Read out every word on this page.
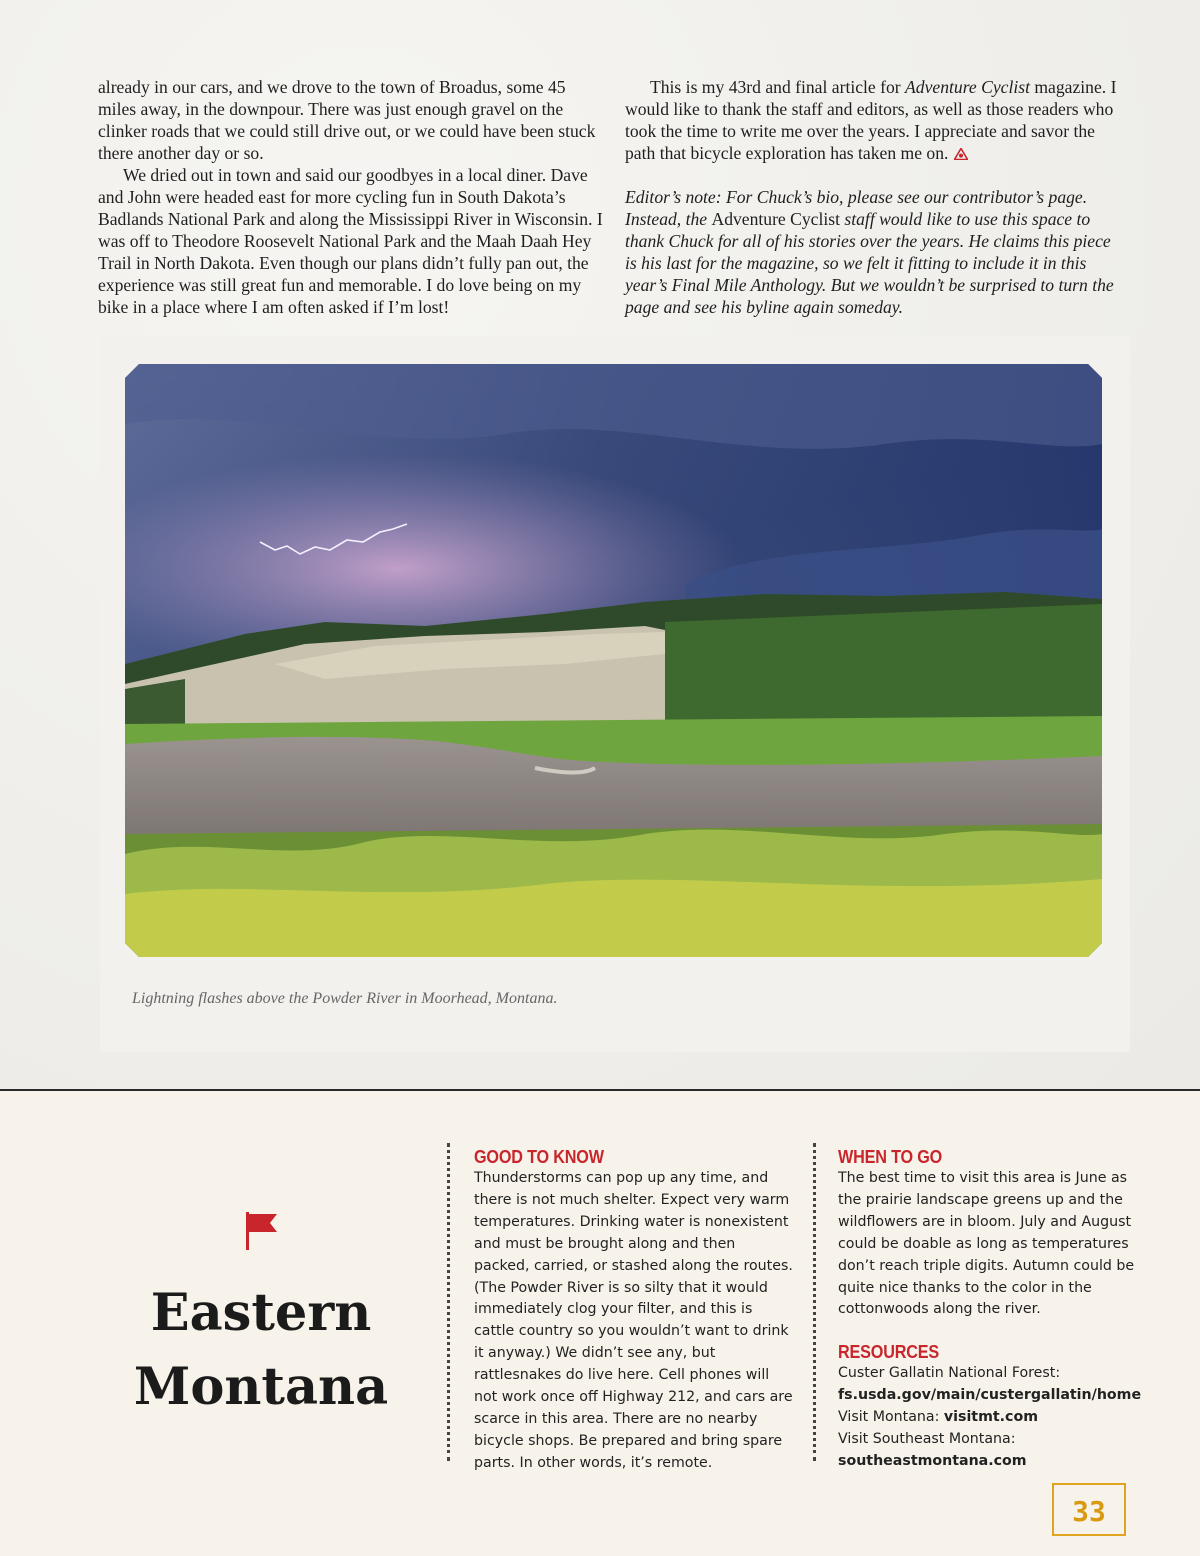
already in our cars, and we drove to the town of Broadus, some 45 miles away, in the downpour. There was just enough gravel on the clinker roads that we could still drive out, or we could have been stuck there another day or so.

We dried out in town and said our goodbyes in a local diner. Dave and John were headed east for more cycling fun in South Dakota’s Badlands National Park and along the Mississippi River in Wisconsin. I was off to Theodore Roosevelt National Park and the Maah Daah Hey Trail in North Dakota. Even though our plans didn’t fully pan out, the experience was still great fun and memorable. I do love being on my bike in a place where I am often asked if I’m lost!

This is my 43rd and final article for Adventure Cyclist magazine. I would like to thank the staff and editors, as well as those readers who took the time to write me over the years. I appreciate and savor the path that bicycle exploration has taken me on.

Editor’s note: For Chuck’s bio, please see our contributor’s page. Instead, the Adventure Cyclist staff would like to use this space to thank Chuck for all of his stories over the years. He claims this piece is his last for the magazine, so we felt it fitting to include it in this year’s Final Mile Anthology. But we wouldn’t be surprised to turn the page and see his byline again someday.

Lightning flashes above the Powder River in Moorhead, Montana.
Eastern
Montana
GOOD TO KNOW

Thunderstorms can pop up any time, and there is not much shelter. Expect very warm temperatures. Drinking water is nonexistent and must be brought along and then packed, carried, or stashed along the routes. (The Powder River is so silty that it would immediately clog your filter, and this is cattle country so you wouldn’t want to drink it anyway.) We didn’t see any, but rattlesnakes do live here. Cell phones will not work once off Highway 212, and cars are scarce in this area. There are no nearby bicycle shops. Be prepared and bring spare parts. In other words, it’s remote.

WHEN TO GO

The best time to visit this area is June as the prairie landscape greens up and the wildflowers are in bloom. July and August could be doable as long as temperatures don’t reach triple digits. Autumn could be quite nice thanks to the color in the cottonwoods along the river.

RESOURCES
Custer Gallatin National Forest:
fs.usda.gov/main/custergallatin/home
Visit Montana: visitmt.com
Visit Southeast Montana:
southeastmontana.com
33
